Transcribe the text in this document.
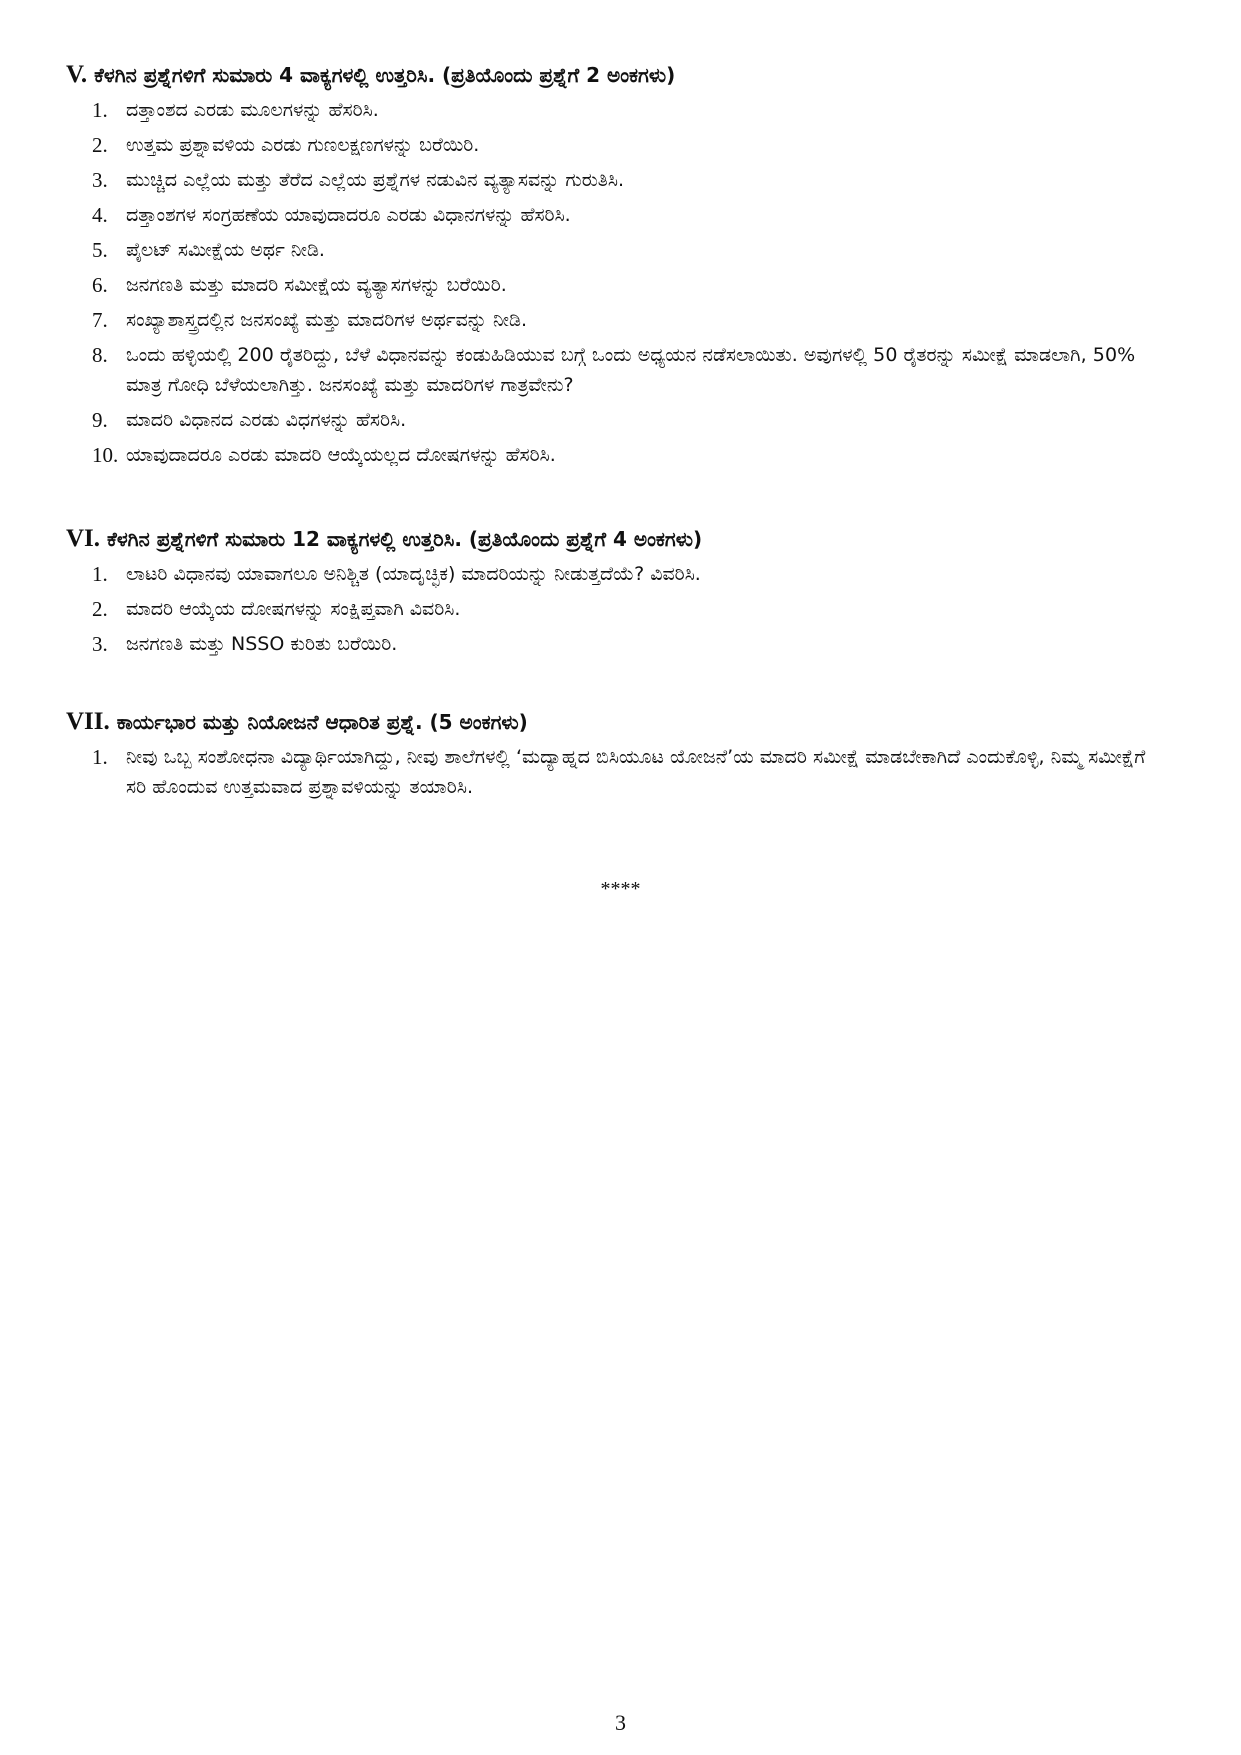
V. ಕೆಳಗಿನ ಪ್ರಶ್ನೆಗಳಿಗೆ ಸುಮಾರು 4 ವಾಕ್ಯಗಳಲ್ಲಿ ಉತ್ತರಿಸಿ. (ಪ್ರತಿಯೊಂದು ಪ್ರಶ್ನೆಗೆ 2 ಅಂಕಗಳು)
1. ದತ್ತಾಂಶದ ಎರಡು ಮೂಲಗಳನ್ನು ಹೆಸರಿಸಿ.
2. ಉತ್ತಮ ಪ್ರಶ್ನಾವಳಿಯ ಎರಡು ಗುಣಲಕ್ಷಣಗಳನ್ನು ಬರೆಯಿರಿ.
3. ಮುಚ್ಚಿದ ಎಲ್ಲೆಯ ಮತ್ತು ತೆರೆದ ಎಲ್ಲೆಯ ಪ್ರಶ್ನೆಗಳ ನಡುವಿನ ವ್ಯತ್ಯಾಸವನ್ನು ಗುರುತಿಸಿ.
4. ದತ್ತಾಂಶಗಳ ಸಂಗ್ರಹಣೆಯ ಯಾವುದಾದರೂ ಎರಡು ವಿಧಾನಗಳನ್ನು ಹೆಸರಿಸಿ.
5. ಪೈಲಟ್ ಸಮೀಕ್ಷೆಯ ಅರ್ಥ ನೀಡಿ.
6. ಜನಗಣತಿ ಮತ್ತು ಮಾದರಿ ಸಮೀಕ್ಷೆಯ ವ್ಯತ್ಯಾಸಗಳನ್ನು ಬರೆಯಿರಿ.
7. ಸಂಖ್ಯಾಶಾಸ್ತ್ರದಲ್ಲಿನ ಜನಸಂಖ್ಯೆ ಮತ್ತು ಮಾದರಿಗಳ ಅರ್ಥವನ್ನು ನೀಡಿ.
8. ಒಂದು ಹಳ್ಳಿಯಲ್ಲಿ 200 ರೈತರಿದ್ದು, ಬೆಳೆ ವಿಧಾನವನ್ನು ಕಂಡುಹಿಡಿಯುವ ಬಗ್ಗೆ ಒಂದು ಅಧ್ಯಯನ ನಡೆಸಲಾಯಿತು. ಅವುಗಳಲ್ಲಿ 50 ರೈತರನ್ನು ಸಮೀಕ್ಷೆ ಮಾಡಲಾಗಿ, 50% ಮಾತ್ರ ಗೋಧಿ ಬೆಳೆಯಲಾಗಿತ್ತು. ಜನಸಂಖ್ಯೆ ಮತ್ತು ಮಾದರಿಗಳ ಗಾತ್ರವೇನು?
9. ಮಾದರಿ ವಿಧಾನದ ಎರಡು ವಿಧಗಳನ್ನು ಹೆಸರಿಸಿ.
10. ಯಾವುದಾದರೂ ಎರಡು ಮಾದರಿ ಆಯ್ಕೆಯಲ್ಲದ ದೋಷಗಳನ್ನು ಹೆಸರಿಸಿ.
VI. ಕೆಳಗಿನ ಪ್ರಶ್ನೆಗಳಿಗೆ ಸುಮಾರು 12 ವಾಕ್ಯಗಳಲ್ಲಿ ಉತ್ತರಿಸಿ. (ಪ್ರತಿಯೊಂದು ಪ್ರಶ್ನೆಗೆ 4 ಅಂಕಗಳು)
1. ಲಾಟರಿ ವಿಧಾನವು ಯಾವಾಗಲೂ ಅನಿಶ್ಚಿತ (ಯಾದೃಚ್ಛಿಕ) ಮಾದರಿಯನ್ನು ನೀಡುತ್ತದೆಯೆ? ವಿವರಿಸಿ.
2. ಮಾದರಿ ಆಯ್ಕೆಯ ದೋಷಗಳನ್ನು ಸಂಕ್ಷಿಪ್ತವಾಗಿ ವಿವರಿಸಿ.
3. ಜನಗಣತಿ ಮತ್ತು NSSO ಕುರಿತು ಬರೆಯಿರಿ.
VII. ಕಾರ್ಯಭಾರ ಮತ್ತು ನಿಯೋಜನೆ ಆಧಾರಿತ ಪ್ರಶ್ನೆ. (5 ಅಂಕಗಳು)
1. ನೀವು ಒಬ್ಬ ಸಂಶೋಧನಾ ವಿದ್ಯಾರ್ಥಿಯಾಗಿದ್ದು, ನೀವು ಶಾಲೆಗಳಲ್ಲಿ ‘ಮದ್ಯಾಹ್ನದ ಬಿಸಿಯೂಟ ಯೋಜನೆ’ಯ ಮಾದರಿ ಸಮೀಕ್ಷೆ ಮಾಡಬೇಕಾಗಿದೆ ಎಂದುಕೊಳ್ಳಿ, ನಿಮ್ಮ ಸಮೀಕ್ಷೆಗೆ ಸರಿ ಹೊಂದುವ ಉತ್ತಮವಾದ ಪ್ರಶ್ನಾವಳಿಯನ್ನು ತಯಾರಿಸಿ.
****
3
